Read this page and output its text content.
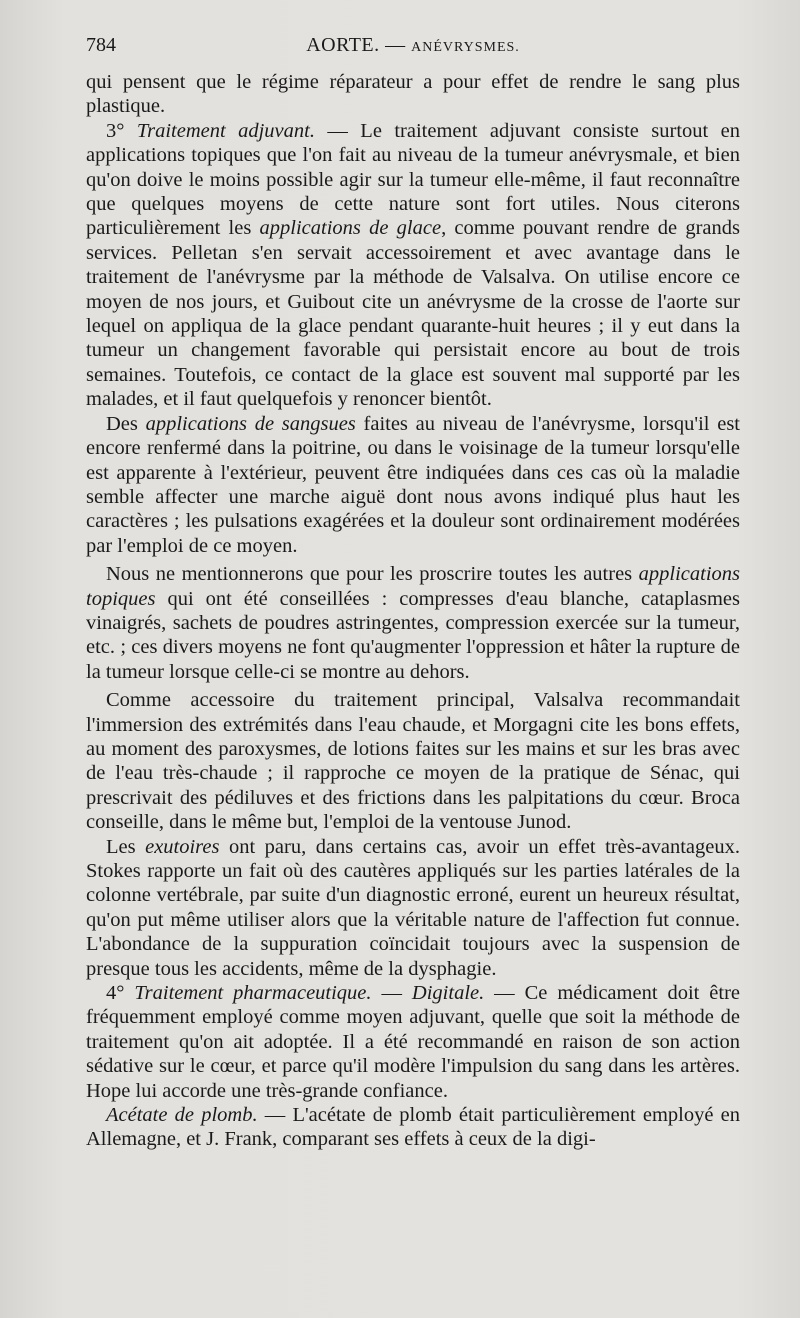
784	AORTE. — ANÉVRYSMES.

qui pensent que le régime réparateur a pour effet de rendre le sang plus plastique.

3° Traitement adjuvant. — Le traitement adjuvant consiste surtout en applications topiques que l'on fait au niveau de la tumeur anévrysmale, et bien qu'on doive le moins possible agir sur la tumeur elle-même, il faut reconnaître que quelques moyens de cette nature sont fort utiles. Nous citerons particulièrement les applications de glace, comme pouvant rendre de grands services. Pelletan s'en servait accessoirement et avec avantage dans le traitement de l'anévrysme par la méthode de Valsalva. On utilise encore ce moyen de nos jours, et Guibout cite un anévrysme de la crosse de l'aorte sur lequel on appliqua de la glace pendant quarante-huit heures ; il y eut dans la tumeur un changement favorable qui persistait encore au bout de trois semaines. Toutefois, ce contact de la glace est souvent mal supporté par les malades, et il faut quelquefois y renoncer bientôt.

Des applications de sangsues faites au niveau de l'anévrysme, lorsqu'il est encore renfermé dans la poitrine, ou dans le voisinage de la tumeur lorsqu'elle est apparente à l'extérieur, peuvent être indiquées dans ces cas où la maladie semble affecter une marche aiguë dont nous avons indiqué plus haut les caractères ; les pulsations exagérées et la douleur sont ordinairement modérées par l'emploi de ce moyen.

Nous ne mentionnerons que pour les proscrire toutes les autres applications topiques qui ont été conseillées : compresses d'eau blanche, cataplasmes vinaigrés, sachets de poudres astringentes, compression exercée sur la tumeur, etc. ; ces divers moyens ne font qu'augmenter l'oppression et hâter la rupture de la tumeur lorsque celle-ci se montre au dehors.

Comme accessoire du traitement principal, Valsalva recommandait l'immersion des extrémités dans l'eau chaude, et Morgagni cite les bons effets, au moment des paroxysmes, de lotions faites sur les mains et sur les bras avec de l'eau très-chaude ; il rapproche ce moyen de la pratique de Sénac, qui prescrivait des pédiluves et des frictions dans les palpitations du cœur. Broca conseille, dans le même but, l'emploi de la ventouse Junod.

Les exutoires ont paru, dans certains cas, avoir un effet très-avantageux. Stokes rapporte un fait où des cautères appliqués sur les parties latérales de la colonne vertébrale, par suite d'un diagnostic erroné, eurent un heureux résultat, qu'on put même utiliser alors que la véritable nature de l'affection fut connue. L'abondance de la suppuration coïncidait toujours avec la suspension de presque tous les accidents, même de la dysphagie.

4° Traitement pharmaceutique. — Digitale. — Ce médicament doit être fréquemment employé comme moyen adjuvant, quelle que soit la méthode de traitement qu'on ait adoptée. Il a été recommandé en raison de son action sédative sur le cœur, et parce qu'il modère l'impulsion du sang dans les artères. Hope lui accorde une très-grande confiance.

Acétate de plomb. — L'acétate de plomb était particulièrement employé en Allemagne, et J. Frank, comparant ses effets à ceux de la digi-
